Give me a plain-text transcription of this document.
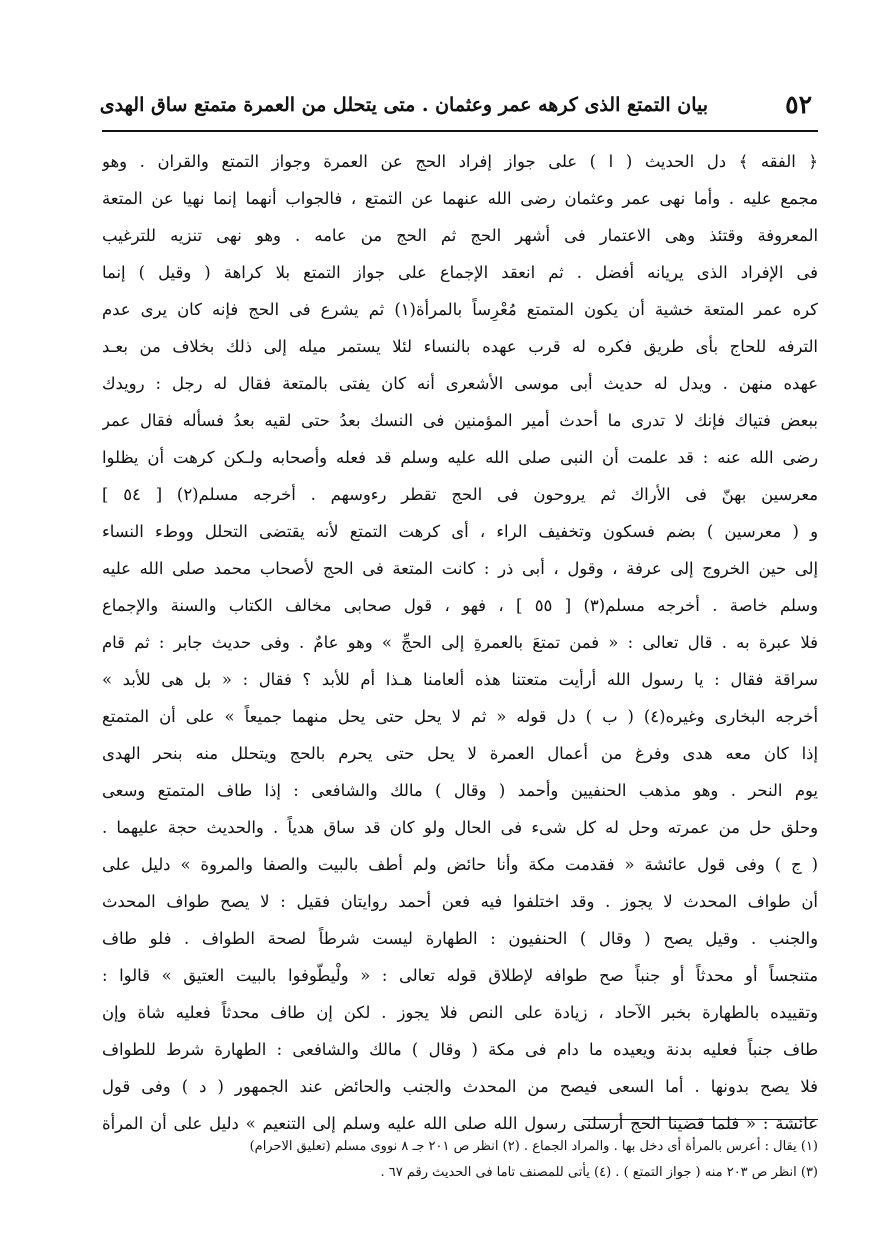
٥٢
بيان التمتع الذى كرهه عمر وعثمان . متى يتحلل من العمرة متمتع ساق الهدى
﴿ الفقه ﴾ دل الحديث ( ا ) على جواز إفراد الحج عن العمرة وجواز التمتع والقران . وهو
مجمع عليه . وأما نهى عمر وعثمان رضى الله عنهما عن التمتع ، فالجواب أنهما إنما نهيا عن المتعة
المعروفة وقتئذ وهى الاعتمار فى أشهر الحج ثم الحج من عامه . وهو نهى تنزيه للترغيب
فى الإفراد الذى يريانه أفضل . ثم انعقد الإجماع على جواز التمتع بلا كراهة ( وقيل ) إنما
كره عمر المتعة خشية أن يكون المتمتع مُعْرِساً بالمرأة(١) ثم يشرع فى الحج فإنه كان يرى عدم
الترفه للحاج بأى طريق فكره له قرب عهده بالنساء لئلا يستمر ميله إلى ذلك بخلاف من بعـد
عهده منهن . ويدل له حديث أبى موسى الأشعرى أنه كان يفتى بالمتعة فقال له رجل : رويدك
ببعض فتياك فإنك لا تدرى ما أحدث أمير المؤمنين فى النسك بعدُ حتى لقيه بعدُ فسأله فقال عمر
رضى الله عنه : قد علمت أن النبى صلى الله عليه وسلم قد فعله وأصحابه ولـكن كرهت أن يظلوا
معرسين بهنّ فى الأراك ثم يروحون فى الحج تقطر رءوسهم . أخرجه مسلم(٢) [ ٥٤ ]
و ( معرسين ) بضم فسكون وتخفيف الراء ، أى كرهت التمتع لأنه يقتضى التحلل ووطء النساء
إلى حين الخروج إلى عرفة ، وقول ، أبى ذر : كانت المتعة فى الحج لأصحاب محمد صلى الله عليه
وسلم خاصة . أخرجه مسلم(٣) [ ٥٥ ] ، فهو ، قول صحابى مخالف الكتاب والسنة والإجماع
فلا عبرة به . قال تعالى : « فمن تمتعَ بالعمرةِ إلى الحجِّ » وهو عامٌ . وفى حديث جابر : ثم قام
سراقة فقال : يا رسول الله أرأيت متعتنا هذه ألعامنا هـذا أم للأبد ؟ فقال : « بل هى للأبد »
أخرجه البخارى وغيره(٤) ( ب ) دل قوله « ثم لا يحل حتى يحل منهما جميعاً » على أن المتمتع
إذا كان معه هدى وفرغ من أعمال العمرة لا يحل حتى يحرم بالحج ويتحلل منه بنحر الهدى
يوم النحر . وهو مذهب الحنفيين وأحمد ( وقال ) مالك والشافعى : إذا طاف المتمتع وسعى
وحلق حل من عمرته وحل له كل شىء فى الحال ولو كان قد ساق هدياً . والحديث حجة عليهما .
( ج ) وفى قول عائشة « فقدمت مكة وأنا حائض ولم أطف بالبيت والصفا والمروة » دليل على
أن طواف المحدث لا يجوز . وقد اختلفوا فيه فعن أحمد روايتان فقيل : لا يصح طواف المحدث
والجنب . وقيل يصح ( وقال ) الحنفيون : الطهارة ليست شرطاً لصحة الطواف . فلو طاف
متنجساً أو محدثاً أو جنباً صح طوافه لإطلاق قوله تعالى : « ولْيطّوفوا بالبيت العتيق » قالوا :
وتقييده بالطهارة بخبر الآحاد ، زيادة على النص فلا يجوز . لكن إن طاف محدثاً فعليه شاة وإن
طاف جنباً فعليه بدنة ويعيده ما دام فى مكة ( وقال ) مالك والشافعى : الطهارة شرط للطواف
فلا يصح بدونها . أما السعى فيصح من المحدث والجنب والحائض عند الجمهور ( د ) وفى قول
عائشة : « فلما قضينا الحج أرسلنى رسول الله صلى الله عليه وسلم إلى التنعيم » دليل على أن المرأة
(١) يقال : أعرس بالمرأة أى دخل بها . والمراد الجماع . (٢) انظر ص ٢٠١ جـ ٨ نووى مسلم (تعليق الاحرام)
(٣) انظر ص ٢٠٣ منه ( جواز التمتع ) . (٤) يأتى للمصنف تاما فى الحديث رقم ٦٧ .
